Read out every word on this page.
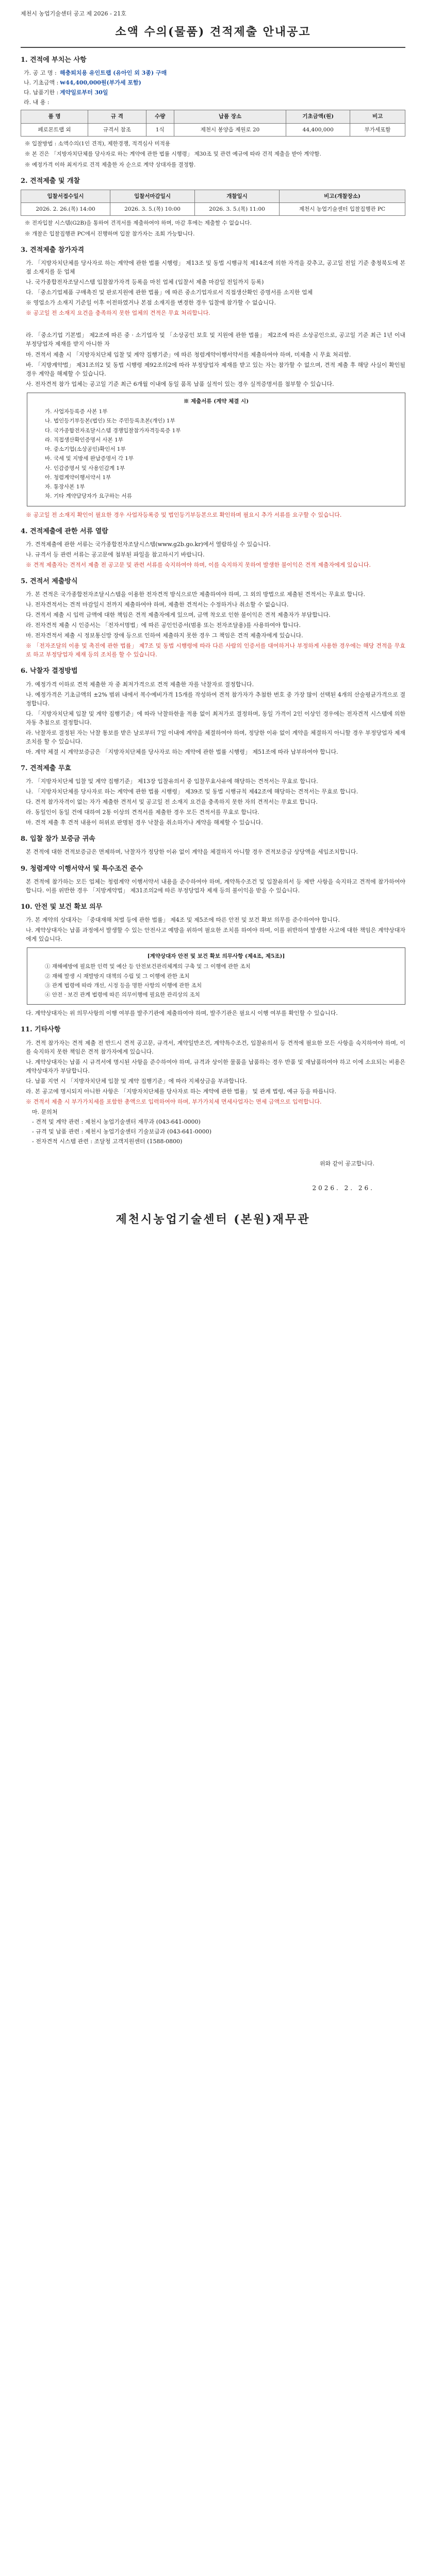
제천시 농업기술센터 공고 제 2026 - 21호
소액 수의(물품) 견적제출 안내공고
1. 견적에 부치는 사항
가. 공 고 명 : 해충퇴치용 유인트랩 (유아인 외 3종) 구매
나. 기초금액 : ₩44,400,000원(부가세 포함)
다. 납품기한 : 계약일로부터 30일
라. 내 용 :
품 명	규 격	수량	납품 장소	기초금액(원)	비고
페로몬트랩 외	규격서 참조	1식	제천시 봉양읍 제원로 20	44,400,000	부가세포함
※ 입찰방법 : 소액수의(1인 견적), 제한경쟁, 적격심사 미적용
※ 본 건은 「지방자치단체를 당사자로 하는 계약에 관한 법률 시행령」 제30조 및 관련 예규에 따라 견적 제출을 받아 계약함.
※ 예정가격 이하 최저가로 견적 제출한 자 순으로 계약 상대자를 결정함.
2. 견적제출 및 개찰
입찰서접수일시	입찰서마감일시	개찰일시	비고(개찰장소)
2026. 2. 26.(목) 14:00	2026. 3. 5.(목) 10:00	2026. 3. 5.(목) 11:00	제천시 농업기술센터 입찰집행관 PC
※ 전자입찰 시스템(G2B)을 통하여 견적서를 제출하여야 하며, 마감 후에는 제출할 수 없습니다.
※ 개찰은 입찰집행관 PC에서 진행하며 입찰 참가자는 조회 가능합니다.
3. 견적제출 참가자격
가. 「지방자치단체를 당사자로 하는 계약에 관한 법률 시행령」 제13조 및 동법 시행규칙 제14조에 의한 자격을 갖추고, 공고일 전일 기준 충청북도에 본점 소재지를 둔 업체
나. 국가종합전자조달시스템 입찰참가자격 등록을 마친 업체 (입찰서 제출 마감일 전일까지 등록)
다. 「중소기업제품 구매촉진 및 판로지원에 관한 법률」에 따른 중소기업자로서 직접생산확인 증명서를 소지한 업체
※ 영업소가 소재지 기준일 이후 이전하였거나 본점 소재지를 변경한 경우 입찰에 참가할 수 없습니다.
※ 공고일 전 소재지 요건을 충족하지 못한 업체의 견적은 무효 처리합니다.
라. 「중소기업 기본법」 제2조에 따른 중 · 소기업자 및 「소상공인 보호 및 지원에 관한 법률」 제2조에 따른 소상공인으로, 공고일 기준 최근 1년 이내 부정당업자 제재를 받지 아니한 자
마. 견적서 제출 시 「지방자치단체 입찰 및 계약 집행기준」에 따른 청렴계약이행서약서를 제출하여야 하며, 미제출 시 무효 처리함.
바. 「지방계약법」 제31조의2 및 동법 시행령 제92조의2에 따라 부정당업자 제재를 받고 있는 자는 참가할 수 없으며, 견적 제출 후 해당 사실이 확인될 경우 계약을 해제할 수 있습니다.
사. 전자견적 참가 업체는 공고일 기준 최근 6개월 이내에 동일 품목 납품 실적이 있는 경우 실적증명서를 첨부할 수 있습니다.
※ 제출서류 (계약 체결 시)
가. 사업자등록증 사본 1부
나. 법인등기부등본(법인) 또는 주민등록초본(개인) 1부
다. 국가종합전자조달시스템 경쟁입찰참가자격등록증 1부
라. 직접생산확인증명서 사본 1부
마. 중소기업(소상공인)확인서 1부
바. 국세 및 지방세 완납증명서 각 1부
사. 인감증명서 및 사용인감계 1부
아. 청렴계약이행서약서 1부
자. 통장사본 1부
차. 기타 계약담당자가 요구하는 서류
※ 공고일 전 소재지 확인이 필요한 경우 사업자등록증 및 법인등기부등본으로 확인하며 필요시 추가 서류를 요구할 수 있습니다.
4. 견적제출에 관한 서류 열람
가. 견적제출에 관한 서류는 국가종합전자조달시스템(www.g2b.go.kr)에서 열람하실 수 있습니다.
나. 규격서 등 관련 서류는 공고문에 첨부된 파일을 참고하시기 바랍니다.
※ 견적 제출자는 견적서 제출 전 공고문 및 관련 서류를 숙지하여야 하며, 이를 숙지하지 못하여 발생한 불이익은 견적 제출자에게 있습니다.
5. 견적서 제출방식
가. 본 견적은 국가종합전자조달시스템을 이용한 전자견적 방식으로만 제출하여야 하며, 그 외의 방법으로 제출된 견적서는 무효로 합니다.
나. 전자견적서는 견적 마감일시 전까지 제출하여야 하며, 제출한 견적서는 수정하거나 취소할 수 없습니다.
다. 견적서 제출 시 입력 금액에 대한 책임은 견적 제출자에게 있으며, 금액 착오로 인한 불이익은 견적 제출자가 부담합니다.
라. 전자견적 제출 시 인증서는 「전자서명법」에 따른 공인인증서(범용 또는 전자조달용)를 사용하여야 합니다.
마. 전자견적서 제출 시 정보통신망 장애 등으로 인하여 제출하지 못한 경우 그 책임은 견적 제출자에게 있습니다.
※ 「전자조달의 이용 및 촉진에 관한 법률」 제7조 및 동법 시행령에 따라 다른 사람의 인증서를 대여하거나 부정하게 사용한 경우에는 해당 견적을 무효로 하고 부정당업자 제재 등의 조치를 할 수 있습니다.
6. 낙찰자 결정방법
가. 예정가격 이하로 견적 제출한 자 중 최저가격으로 견적 제출한 자를 낙찰자로 결정합니다.
나. 예정가격은 기초금액의 ±2% 범위 내에서 복수예비가격 15개를 작성하여 견적 참가자가 추첨한 번호 중 가장 많이 선택된 4개의 산술평균가격으로 결정합니다.
다. 「지방자치단체 입찰 및 계약 집행기준」에 따라 낙찰하한율 적용 없이 최저가로 결정하며, 동일 가격이 2인 이상인 경우에는 전자견적 시스템에 의한 자동 추첨으로 결정합니다.
라. 낙찰자로 결정된 자는 낙찰 통보를 받은 날로부터 7일 이내에 계약을 체결하여야 하며, 정당한 이유 없이 계약을 체결하지 아니할 경우 부정당업자 제재 조치를 할 수 있습니다.
마. 계약 체결 시 계약보증금은 「지방자치단체를 당사자로 하는 계약에 관한 법률 시행령」 제51조에 따라 납부하여야 합니다.
7. 견적제출 무효
가. 「지방자치단체 입찰 및 계약 집행기준」 제13장 입찰유의서 중 입찰무효사유에 해당하는 견적서는 무효로 합니다.
나. 「지방자치단체를 당사자로 하는 계약에 관한 법률 시행령」 제39조 및 동법 시행규칙 제42조에 해당하는 견적서는 무효로 합니다.
다. 견적 참가자격이 없는 자가 제출한 견적서 및 공고일 전 소재지 요건을 충족하지 못한 자의 견적서는 무효로 합니다.
라. 동일인이 동일 건에 대하여 2통 이상의 견적서를 제출한 경우 모든 견적서를 무효로 합니다.
마. 견적 제출 후 견적 내용이 허위로 판명된 경우 낙찰을 취소하거나 계약을 해제할 수 있습니다.
8. 입찰 참가 보증금 귀속
본 견적에 대한 견적보증금은 면제하며, 낙찰자가 정당한 이유 없이 계약을 체결하지 아니할 경우 견적보증금 상당액을 세입조치합니다.
9. 청렴계약 이행서약서 및 특수조건 준수
본 견적에 참가하는 모든 업체는 청렴계약 이행서약서 내용을 준수하여야 하며, 계약특수조건 및 입찰유의서 등 제반 사항을 숙지하고 견적에 참가하여야 합니다. 이를 위반한 경우 「지방계약법」 제31조의2에 따른 부정당업자 제재 등의 불이익을 받을 수 있습니다.
10. 안전 및 보건 확보 의무
가. 본 계약의 상대자는 「중대재해 처벌 등에 관한 법률」 제4조 및 제5조에 따른 안전 및 보건 확보 의무를 준수하여야 합니다.
나. 계약상대자는 납품 과정에서 발생할 수 있는 안전사고 예방을 위하여 필요한 조치를 하여야 하며, 이를 위반하여 발생한 사고에 대한 책임은 계약상대자에게 있습니다.
[계약상대자 안전 및 보건 확보 의무사항 (제4조, 제5조)]
① 재해예방에 필요한 인력 및 예산 등 안전보건관리체계의 구축 및 그 이행에 관한 조치
② 재해 발생 시 재발방지 대책의 수립 및 그 이행에 관한 조치
③ 관계 법령에 따라 개선, 시정 등을 명한 사항의 이행에 관한 조치
④ 안전 · 보건 관계 법령에 따른 의무이행에 필요한 관리상의 조치
다. 계약상대자는 위 의무사항의 이행 여부를 발주기관에 제출하여야 하며, 발주기관은 필요시 이행 여부를 확인할 수 있습니다.
11. 기타사항
가. 견적 참가자는 견적 제출 전 반드시 견적 공고문, 규격서, 계약일반조건, 계약특수조건, 입찰유의서 등 견적에 필요한 모든 사항을 숙지하여야 하며, 이를 숙지하지 못한 책임은 견적 참가자에게 있습니다.
나. 계약상대자는 납품 시 규격서에 명시된 사항을 준수하여야 하며, 규격과 상이한 물품을 납품하는 경우 반품 및 재납품하여야 하고 이에 소요되는 비용은 계약상대자가 부담합니다.
다. 납품 지연 시 「지방자치단체 입찰 및 계약 집행기준」에 따라 지체상금을 부과합니다.
라. 본 공고에 명시되지 아니한 사항은 「지방자치단체를 당사자로 하는 계약에 관한 법률」 및 관계 법령, 예규 등을 따릅니다.
※ 견적서 제출 시 부가가치세를 포함한 총액으로 입력하여야 하며, 부가가치세 면세사업자는 면세 금액으로 입력합니다.
마. 문의처
- 견적 및 계약 관련 : 제천시 농업기술센터 재무과 (043-641-0000)
- 규격 및 납품 관련 : 제천시 농업기술센터 기술보급과 (043-641-0000)
- 전자견적 시스템 관련 : 조달청 고객지원센터 (1588-0800)
위와 같이 공고합니다.
2026. 2. 26.
제천시농업기술센터 (본원)재무관
